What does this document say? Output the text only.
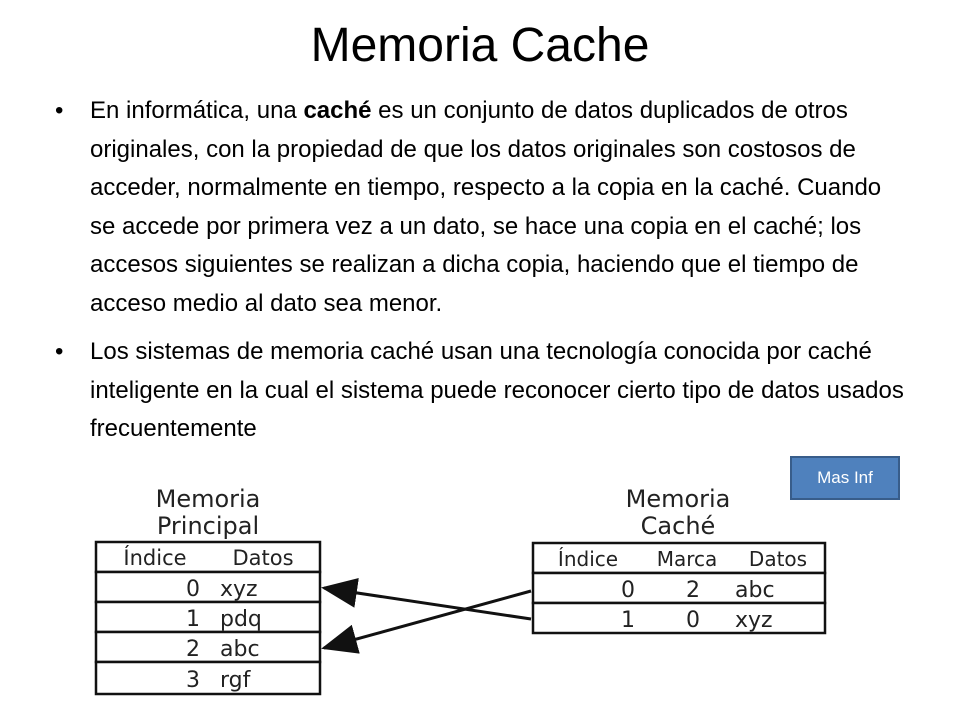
Memoria Cache
• En informática, una caché es un conjunto de datos duplicados de otros originales, con la propiedad de que los datos originales son costosos de acceder, normalmente en tiempo, respecto a la copia en la caché. Cuando se accede por primera vez a un dato, se hace una copia en el caché; los accesos siguientes se realizan a dicha copia, haciendo que el tiempo de acceso medio al dato sea menor.
• Los sistemas de memoria caché usan una tecnología conocida por caché inteligente en la cual el sistema puede reconocer cierto tipo de datos usados frecuentemente
Mas Inf
Memoria
Principal
Índice Datos
0 xyz
1 pdq
2 abc
3 rgf
Memoria
Caché
Índice Marca Datos
0 2 abc
1 0 xyz
